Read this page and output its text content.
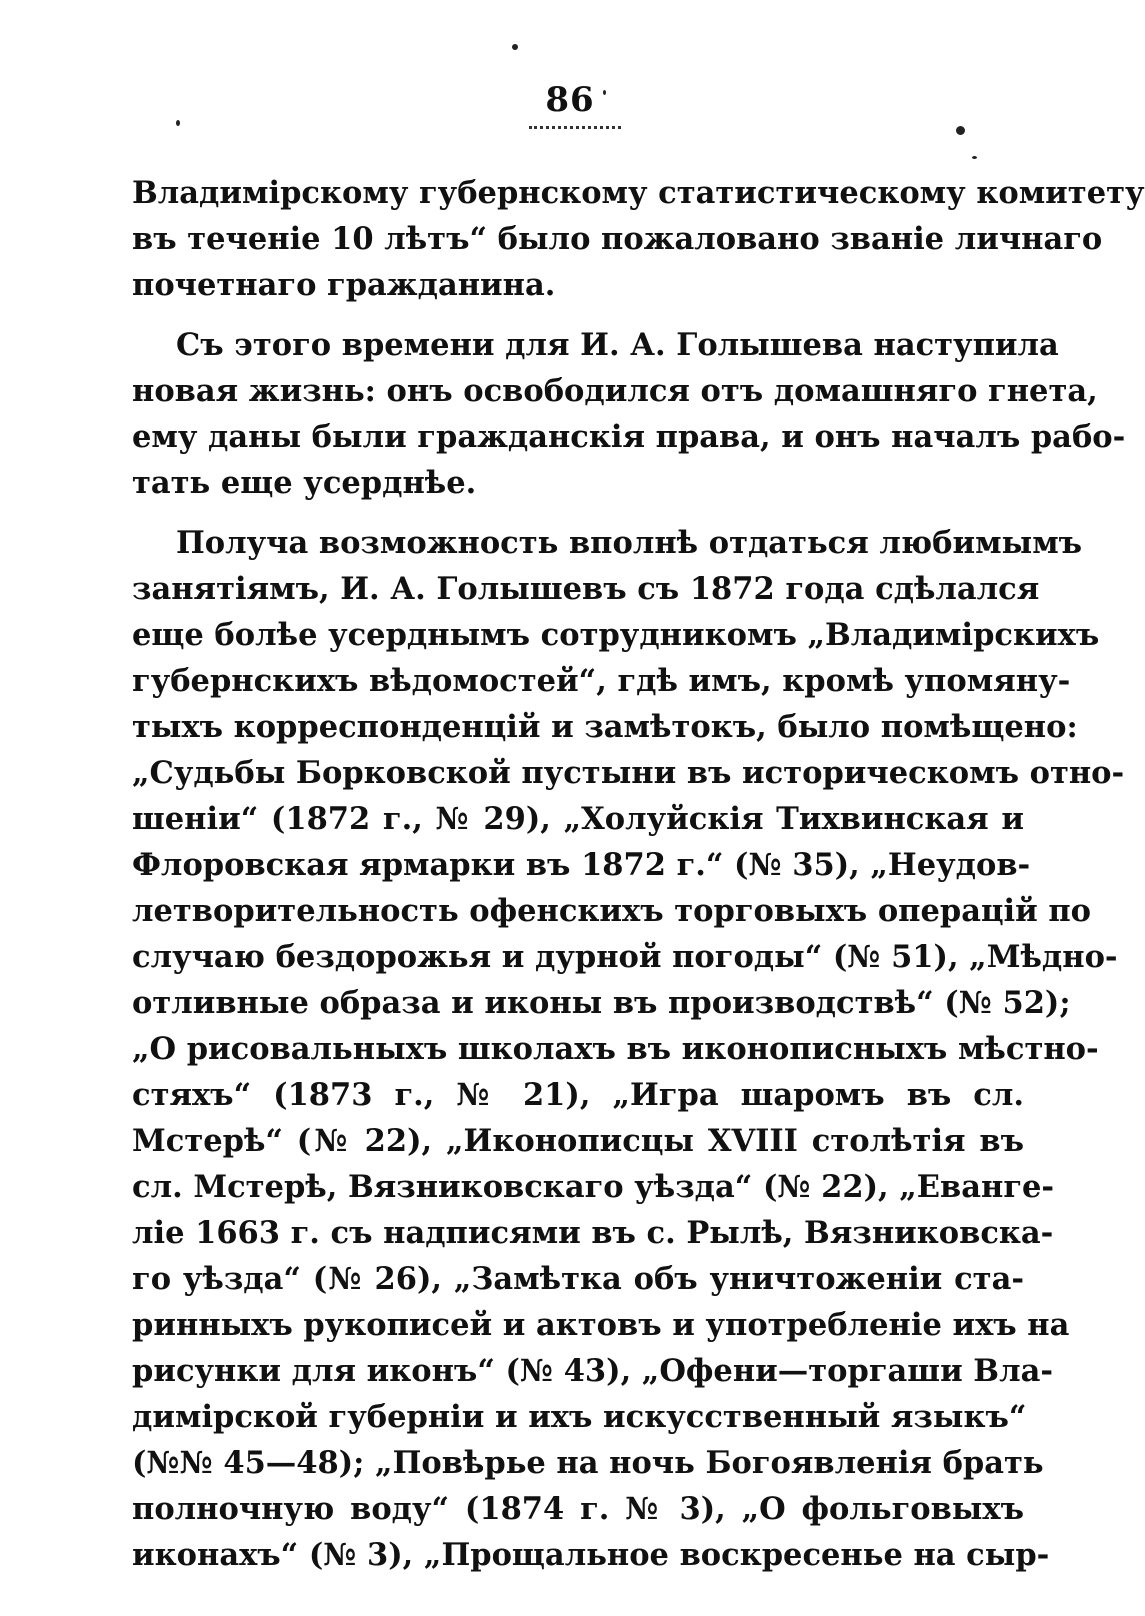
86
Владимірскому губернскому статистическому комитету
въ теченіе 10 лѣтъ“ было пожаловано званіе личнаго
почетнаго гражданина.
Съ этого времени для И. А. Голышева наступила
новая жизнь: онъ освободился отъ домашняго гнета,
ему даны были гражданскія права, и онъ началъ рабо-
тать еще усерднѣе.
Получа возможность вполнѣ отдаться любимымъ
занятіямъ, И. А. Голышевъ съ 1872 года сдѣлался
еще болѣе усерднымъ сотрудникомъ „Владимірскихъ
губернскихъ вѣдомостей“, гдѣ имъ, кромѣ упомяну-
тыхъ корреспонденцій и замѣтокъ, было помѣщено:
„Судьбы Борковской пустыни въ историческомъ отно-
шеніи“ (1872 г., № 29), „Холуйскія Тихвинская и
Флоровская ярмарки въ 1872 г.“ (№ 35), „Неудов-
летворительность офенскихъ торговыхъ операцій по
случаю бездорожья и дурной погоды“ (№ 51), „Мѣдно-
отливные образа и иконы въ производствѣ“ (№ 52);
„О рисовальныхъ школахъ въ иконописныхъ мѣстно-
стяхъ“ (1873 г., № 21), „Игра шаромъ въ сл.
Мстерѣ“ (№ 22), „Иконописцы XVIII столѣтія въ
сл. Мстерѣ, Вязниковскаго уѣзда“ (№ 22), „Еванге-
ліе 1663 г. съ надписями въ с. Рылѣ, Вязниковска-
го уѣзда“ (№ 26), „Замѣтка объ уничтоженіи ста-
ринныхъ рукописей и актовъ и употребленіе ихъ на
рисунки для иконъ“ (№ 43), „Офени—торгаши Вла-
димірской губерніи и ихъ искусственный языкъ“
(№№ 45—48); „Повѣрье на ночь Богоявленія брать
полночную воду“ (1874 г. № 3), „О фольговыхъ
иконахъ“ (№ 3), „Прощальное воскресенье на сыр-
